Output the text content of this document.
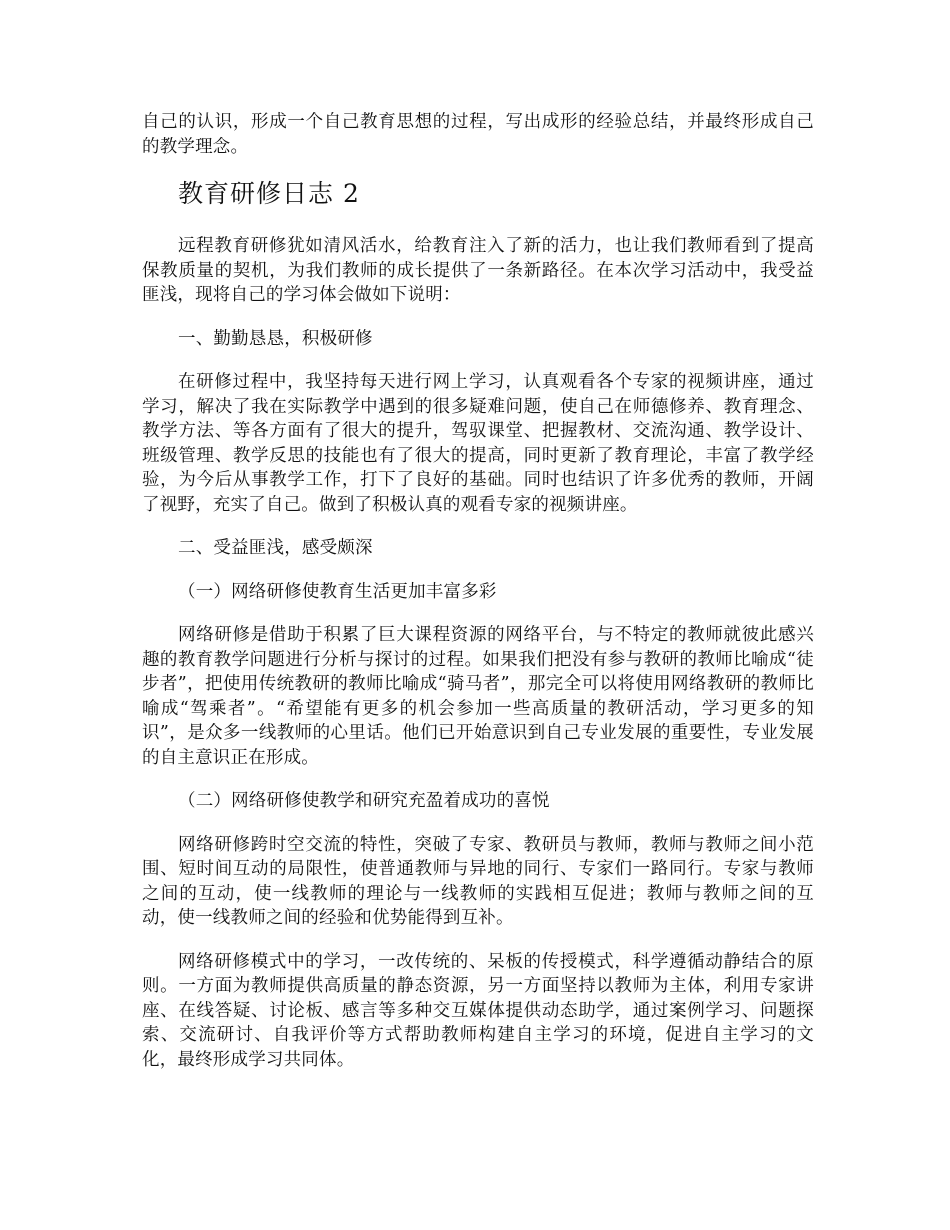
自己的认识，形成一个自己教育思想的过程，写出成形的经验总结，并最终形成自己的教学理念。

教育研修日志 2

远程教育研修犹如清风活水，给教育注入了新的活力，也让我们教师看到了提高保教质量的契机，为我们教师的成长提供了一条新路径。在本次学习活动中，我受益匪浅，现将自己的学习体会做如下说明：

一、勤勤恳恳，积极研修

在研修过程中，我坚持每天进行网上学习，认真观看各个专家的视频讲座，通过学习，解决了我在实际教学中遇到的很多疑难问题，使自己在师德修养、教育理念、教学方法、等各方面有了很大的提升，驾驭课堂、把握教材、交流沟通、教学设计、班级管理、教学反思的技能也有了很大的提高，同时更新了教育理论，丰富了教学经验，为今后从事教学工作，打下了良好的基础。同时也结识了许多优秀的教师，开阔了视野，充实了自己。做到了积极认真的观看专家的视频讲座。

二、受益匪浅，感受颇深

（一）网络研修使教育生活更加丰富多彩

网络研修是借助于积累了巨大课程资源的网络平台，与不特定的教师就彼此感兴趣的教育教学问题进行分析与探讨的过程。如果我们把没有参与教研的教师比喻成“徒步者”，把使用传统教研的教师比喻成“骑马者”，那完全可以将使用网络教研的教师比喻成“驾乘者”。“希望能有更多的机会参加一些高质量的教研活动，学习更多的知识”，是众多一线教师的心里话。他们已开始意识到自己专业发展的重要性，专业发展的自主意识正在形成。

（二）网络研修使教学和研究充盈着成功的喜悦

网络研修跨时空交流的特性，突破了专家、教研员与教师，教师与教师之间小范围、短时间互动的局限性，使普通教师与异地的同行、专家们一路同行。专家与教师之间的互动，使一线教师的理论与一线教师的实践相互促进；教师与教师之间的互动，使一线教师之间的经验和优势能得到互补。

网络研修模式中的学习，一改传统的、呆板的传授模式，科学遵循动静结合的原则。一方面为教师提供高质量的静态资源，另一方面坚持以教师为主体，利用专家讲座、在线答疑、讨论板、感言等多种交互媒体提供动态助学，通过案例学习、问题探索、交流研讨、自我评价等方式帮助教师构建自主学习的环境，促进自主学习的文化，最终形成学习共同体。
